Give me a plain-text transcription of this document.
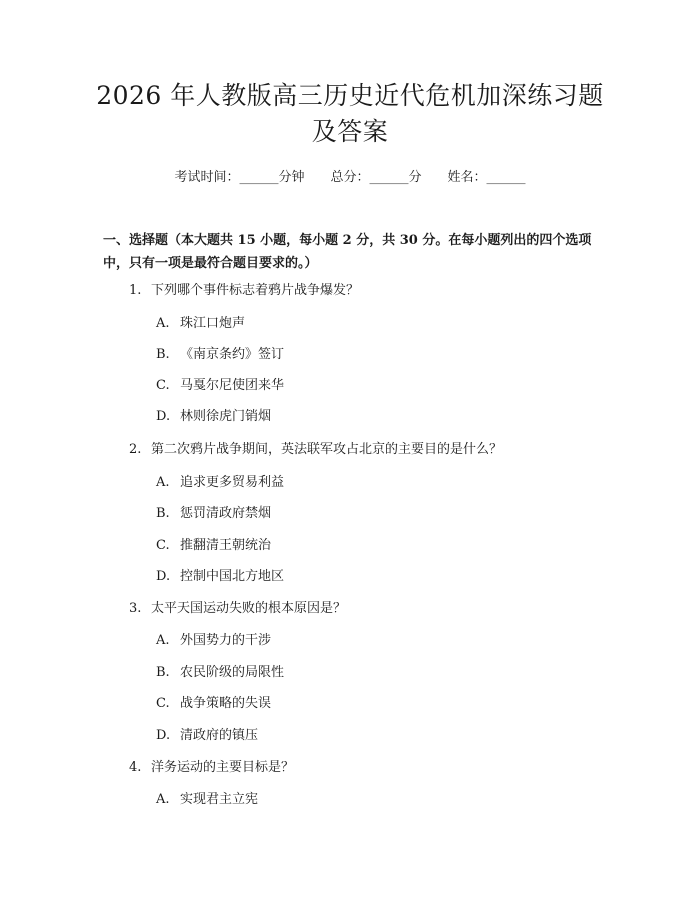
2026 年人教版高三历史近代危机加深练习题
及答案
考试时间：______分钟 总分：______分 姓名：______
一、选择题（本大题共 15 小题，每小题 2 分，共 30 分。在每小题列出的四个选项中，只有一项是最符合题目要求的。）
1. 下列哪个事件标志着鸦片战争爆发？
A. 珠江口炮声
B. 《南京条约》签订
C. 马戛尔尼使团来华
D. 林则徐虎门销烟
2. 第二次鸦片战争期间，英法联军攻占北京的主要目的是什么？
A. 追求更多贸易利益
B. 惩罚清政府禁烟
C. 推翻清王朝统治
D. 控制中国北方地区
3. 太平天国运动失败的根本原因是？
A. 外国势力的干涉
B. 农民阶级的局限性
C. 战争策略的失误
D. 清政府的镇压
4. 洋务运动的主要目标是？
A. 实现君主立宪
